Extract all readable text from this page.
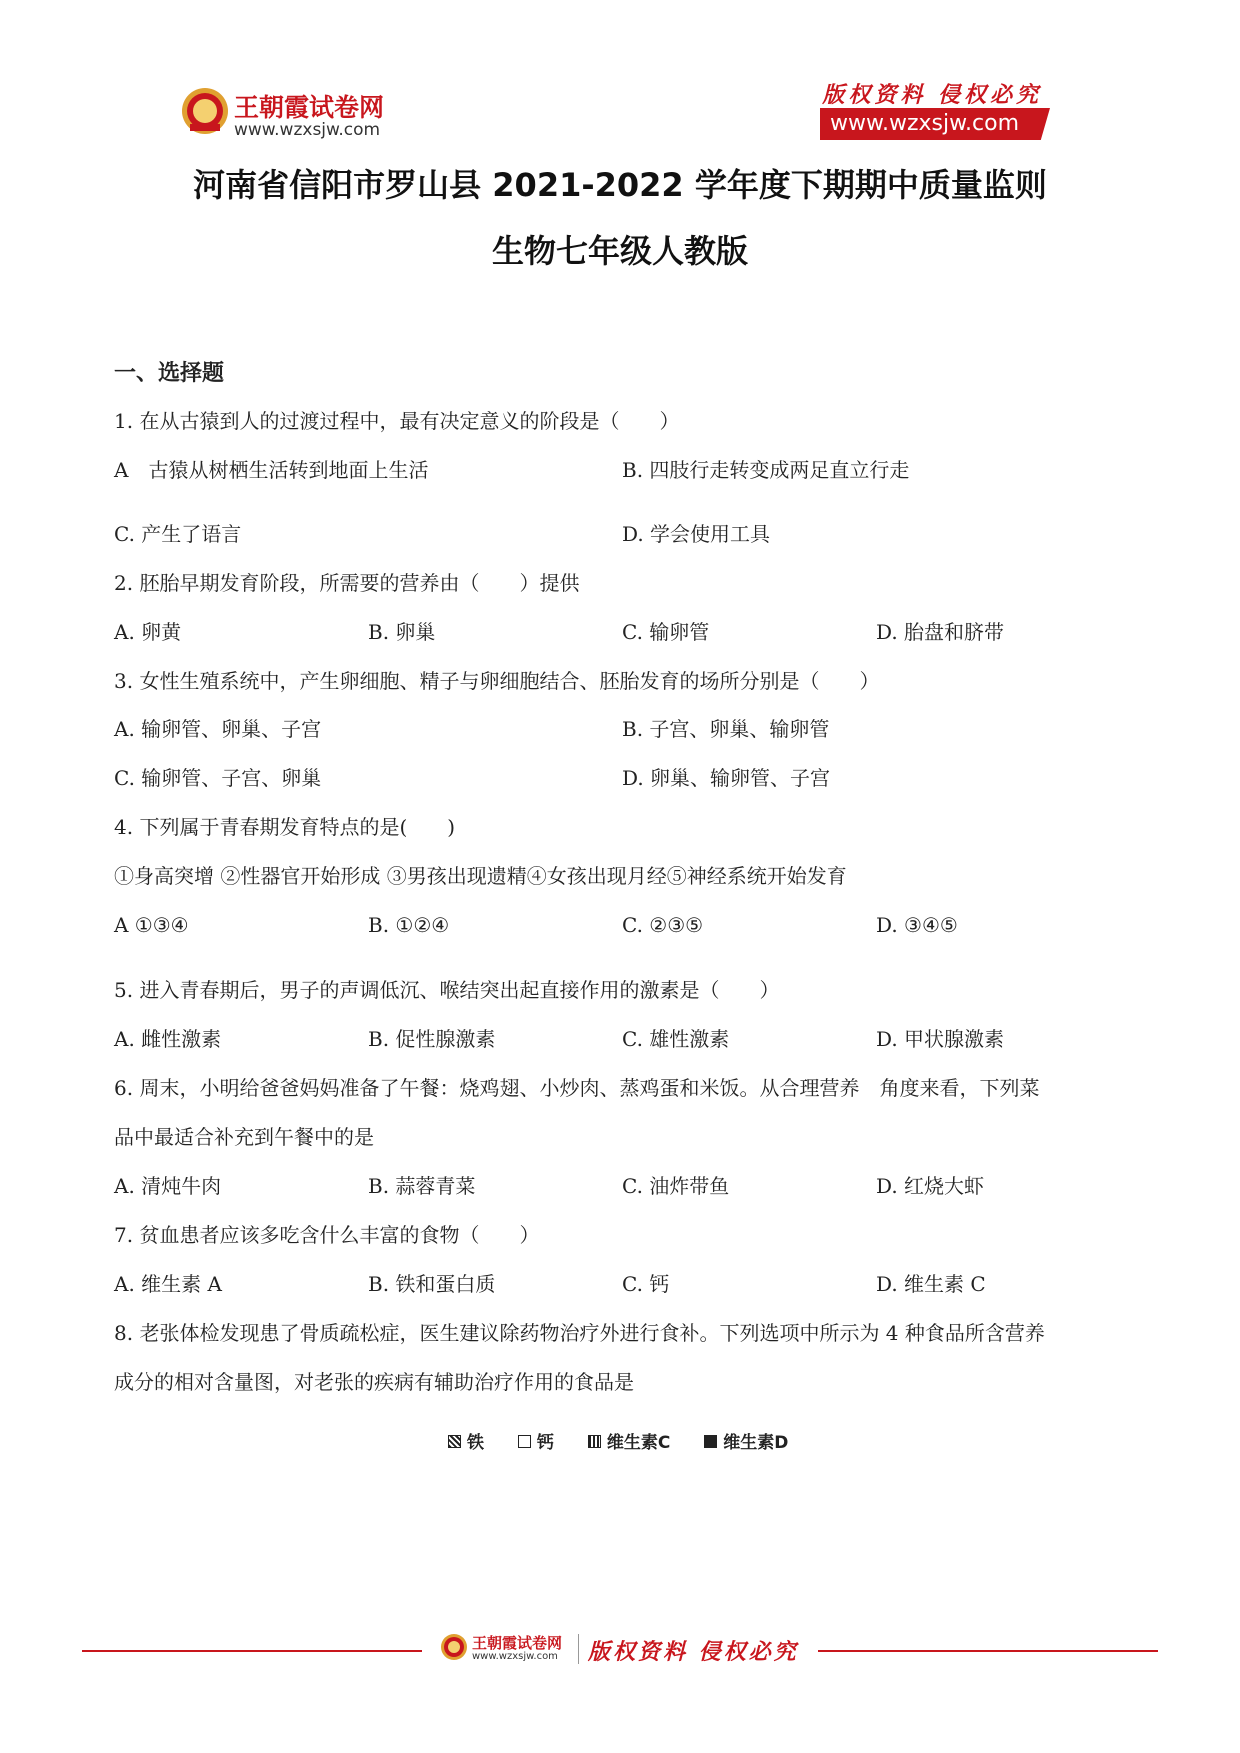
王朝霞试卷网
www.wzxsjw.com
版权资料 侵权必究
www.wzxsjw.com
河南省信阳市罗山县 2021-2022 学年度下期期中质量监则
生物七年级人教版
一、选择题
1. 在从古猿到人的过渡过程中，最有决定意义的阶段是（　　）
A　古猿从树栖生活转到地面上生活	B. 四肢行走转变成两足直立行走
C. 产生了语言	D. 学会使用工具
2. 胚胎早期发育阶段，所需要的营养由（　　）提供
A. 卵黄	B. 卵巢	C. 输卵管	D. 胎盘和脐带
3. 女性生殖系统中，产生卵细胞、精子与卵细胞结合、胚胎发育的场所分别是（　　）
A. 输卵管、卵巢、子宫	B. 子宫、卵巢、输卵管
C. 输卵管、子宫、卵巢	D. 卵巢、输卵管、子宫
4. 下列属于青春期发育特点的是(　　)
①身高突增 ②性器官开始形成 ③男孩出现遗精④女孩出现月经⑤神经系统开始发育
A ①③④	B. ①②④	C. ②③⑤	D. ③④⑤
5. 进入青春期后，男子的声调低沉、喉结突出起直接作用的激素是（　　）
A. 雌性激素	B. 促性腺激素	C. 雄性激素	D. 甲状腺激素
6. 周末，小明给爸爸妈妈准备了午餐：烧鸡翅、小炒肉、蒸鸡蛋和米饭。从合理营养　角度来看，下列菜
品中最适合补充到午餐中的是
A. 清炖牛肉	B. 蒜蓉青菜	C. 油炸带鱼	D. 红烧大虾
7. 贫血患者应该多吃含什么丰富的食物（　　）
A. 维生素 A	B. 铁和蛋白质	C. 钙	D. 维生素 C
8. 老张体检发现患了骨质疏松症，医生建议除药物治疗外进行食补。下列选项中所示为 4 种食品所含营养
成分的相对含量图，对老张的疾病有辅助治疗作用的食品是
铁	钙	维生素C	维生素D
王朝霞试卷网
www.wzxsjw.com 版权资料 侵权必究
